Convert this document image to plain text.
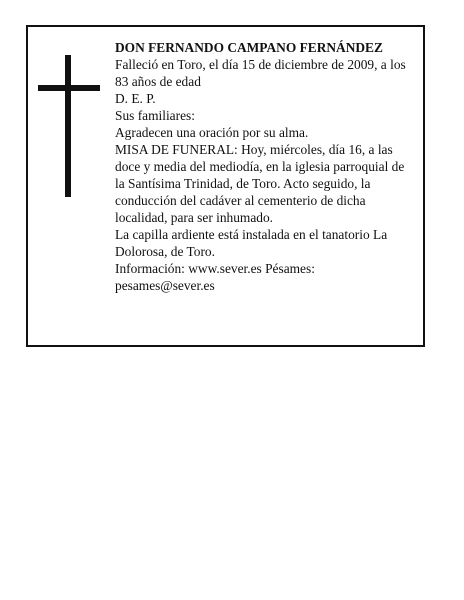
DON FERNANDO CAMPANO FERNÁNDEZ

Falleció en Toro, el día 15 de diciembre de 2009, a los 83 años de edad

D. E. P.

Sus familiares:

Agradecen una oración por su alma.

MISA DE FUNERAL: Hoy, miércoles, día 16, a las doce y media del mediodía, en la iglesia parroquial de la Santísima Trinidad, de Toro. Acto seguido, la conducción del cadáver al cementerio de dicha localidad, para ser inhumado.

La capilla ardiente está instalada en el tanatorio La Dolorosa, de Toro.

Información: www.sever.es Pésames: pesames@sever.es
